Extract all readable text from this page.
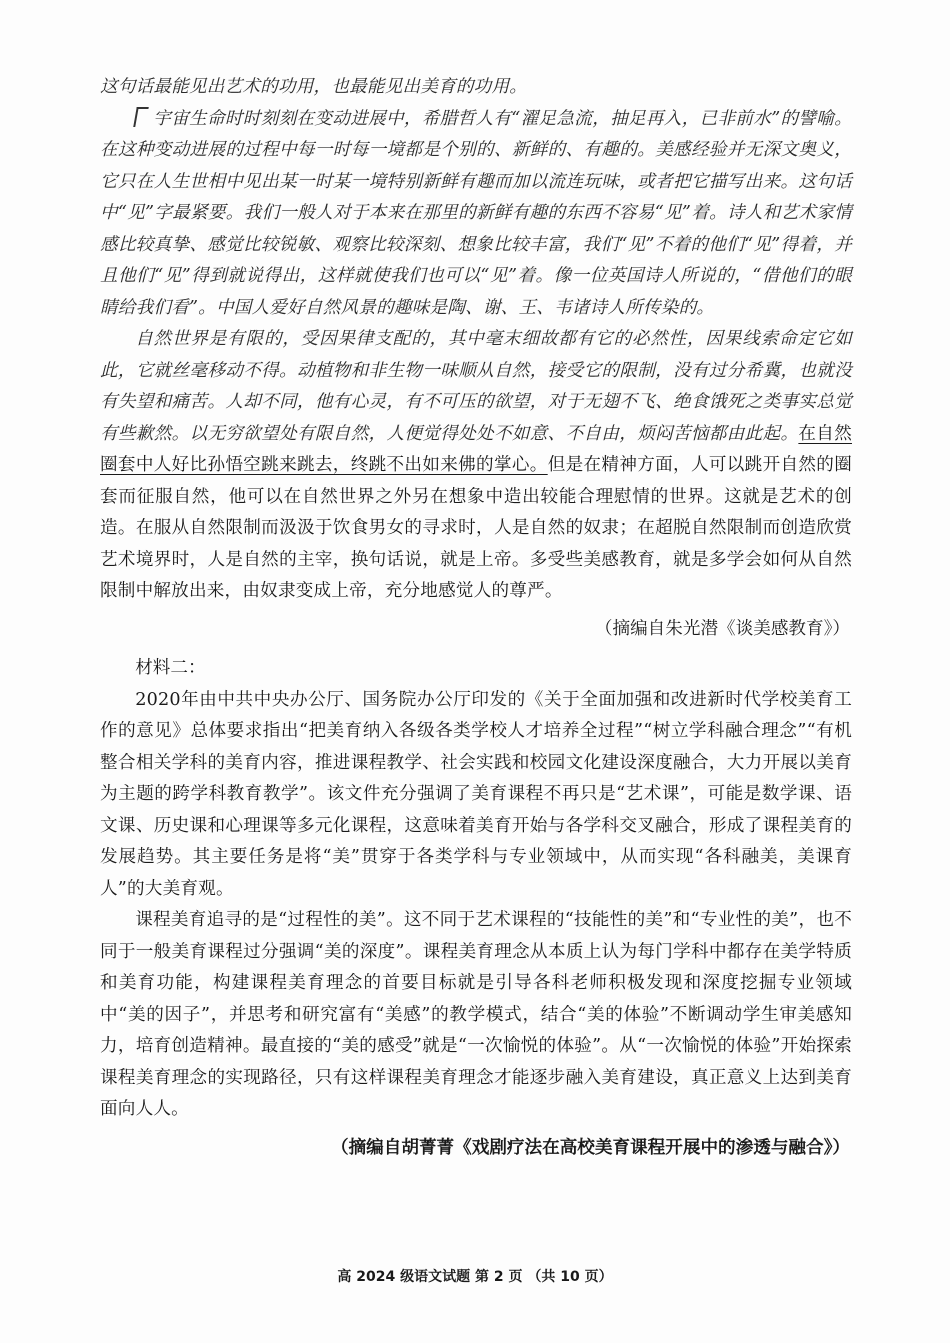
这句话最能见出艺术的功用，也最能见出美育的功用。

宇宙生命时时刻刻在变动进展中，希腊哲人有“濯足急流，抽足再入，已非前水”的譬喻。在这种变动进展的过程中每一时每一境都是个别的、新鲜的、有趣的。美感经验并无深文奥义，它只在人生世相中见出某一时某一境特别新鲜有趣而加以流连玩味，或者把它描写出来。这句话中“见”字最紧要。我们一般人对于本来在那里的新鲜有趣的东西不容易“见”着。诗人和艺术家情感比较真挚、感觉比较锐敏、观察比较深刻、想象比较丰富，我们“见”不着的他们“见”得着，并且他们“见”得到就说得出，这样就使我们也可以“见”着。像一位英国诗人所说的，“借他们的眼睛给我们看”。中国人爱好自然风景的趣味是陶、谢、王、韦诸诗人所传染的。

自然世界是有限的，受因果律支配的，其中毫末细故都有它的必然性，因果线索命定它如此，它就丝毫移动不得。动植物和非生物一味顺从自然，接受它的限制，没有过分希冀，也就没有失望和痛苦。人却不同，他有心灵，有不可压的欲望，对于无翅不飞、绝食饿死之类事实总觉有些歉然。以无穷欲望处有限自然，人便觉得处处不如意、不自由，烦闷苦恼都由此起。在自然圈套中人好比孙悟空跳来跳去，终跳不出如来佛的掌心。但是在精神方面，人可以跳开自然的圈套而征服自然，他可以在自然世界之外另在想象中造出较能合理慰情的世界。这就是艺术的创造。在服从自然限制而汲汲于饮食男女的寻求时，人是自然的奴隶；在超脱自然限制而创造欣赏艺术境界时，人是自然的主宰，换句话说，就是上帝。多受些美感教育，就是多学会如何从自然限制中解放出来，由奴隶变成上帝，充分地感觉人的尊严。

（摘编自朱光潜《谈美感教育》）

材料二：

2020年由中共中央办公厅、国务院办公厅印发的《关于全面加强和改进新时代学校美育工作的意见》总体要求指出“把美育纳入各级各类学校人才培养全过程”“树立学科融合理念”“有机整合相关学科的美育内容，推进课程教学、社会实践和校园文化建设深度融合，大力开展以美育为主题的跨学科教育教学”。该文件充分强调了美育课程不再只是“艺术课”，可能是数学课、语文课、历史课和心理课等多元化课程，这意味着美育开始与各学科交叉融合，形成了课程美育的发展趋势。其主要任务是将“美”贯穿于各类学科与专业领域中，从而实现“各科融美，美课育人”的大美育观。

课程美育追寻的是“过程性的美”。这不同于艺术课程的“技能性的美”和“专业性的美”，也不同于一般美育课程过分强调“美的深度”。课程美育理念从本质上认为每门学科中都存在美学特质和美育功能，构建课程美育理念的首要目标就是引导各科老师积极发现和深度挖掘专业领域中“美的因子”，并思考和研究富有“美感”的教学模式，结合“美的体验”不断调动学生审美感知力，培育创造精神。最直接的“美的感受”就是“一次愉悦的体验”。从“一次愉悦的体验”开始探索课程美育理念的实现路径，只有这样课程美育理念才能逐步融入美育建设，真正意义上达到美育面向人人。

（摘编自胡菁菁《戏剧疗法在高校美育课程开展中的渗透与融合》）

高 2024 级语文试题 第 2 页 （共 10 页）
